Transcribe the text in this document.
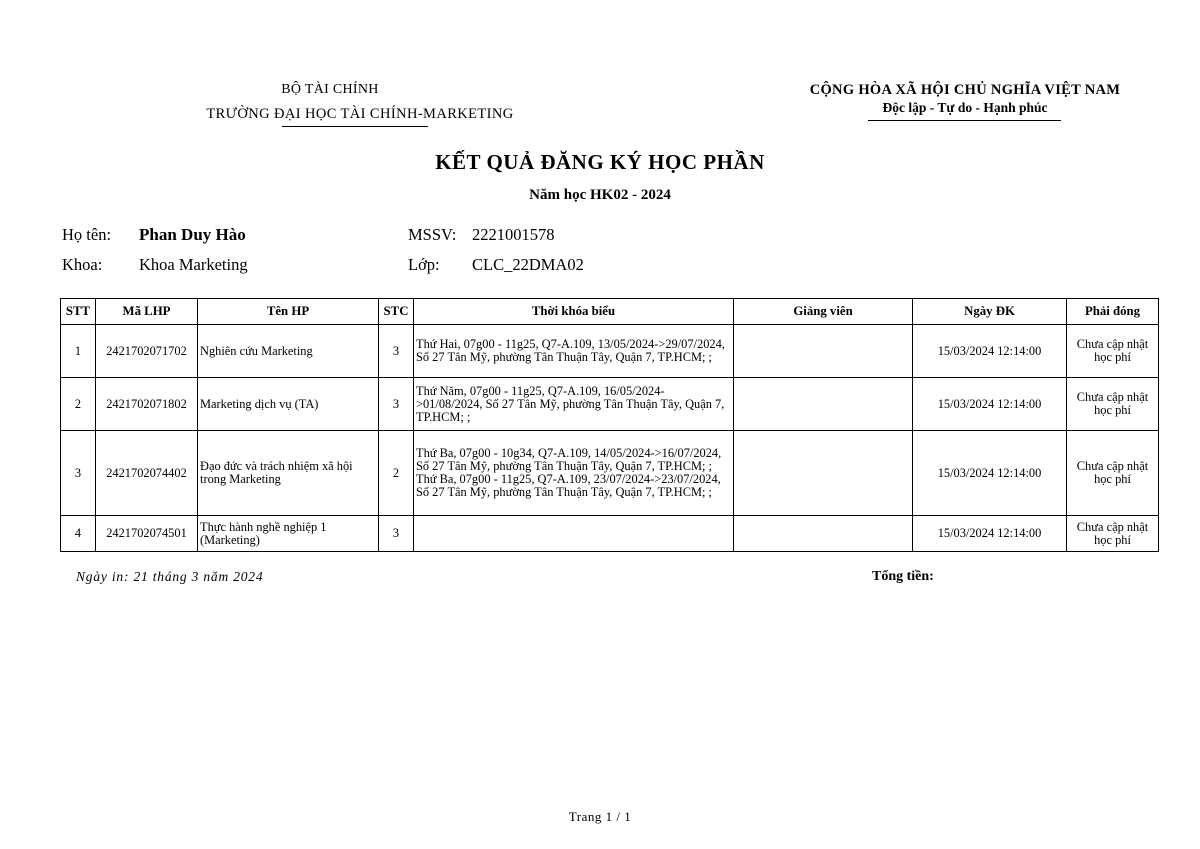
BỘ TÀI CHÍNH
TRƯỜNG ĐẠI HỌC TÀI CHÍNH-MARKETING
CỘNG HÒA XÃ HỘI CHỦ NGHĨA VIỆT NAM
Độc lập - Tự do - Hạnh phúc
KẾT QUẢ ĐĂNG KÝ HỌC PHẦN
Năm học HK02 - 2024
Họ tên: Phan Duy Hào	MSSV: 2221001578
Khoa: Khoa Marketing	Lớp: CLC_22DMA02
STT	Mã LHP	Tên HP	STC	Thời khóa biểu	Giảng viên	Ngày ĐK	Phải đóng
1	2421702071702	Nghiên cứu Marketing	3	Thứ Hai, 07g00 - 11g25, Q7-A.109, 13/05/2024->29/07/2024, Số 27 Tân Mỹ, phường Tân Thuận Tây, Quận 7, TP.HCM; ;		15/03/2024 12:14:00	Chưa cập nhật học phí
2	2421702071802	Marketing dịch vụ (TA)	3	Thứ Năm, 07g00 - 11g25, Q7-A.109, 16/05/2024->01/08/2024, Số 27 Tân Mỹ, phường Tân Thuận Tây, Quận 7, TP.HCM; ;		15/03/2024 12:14:00	Chưa cập nhật học phí
3	2421702074402	Đạo đức và trách nhiệm xã hội trong Marketing	2	Thứ Ba, 07g00 - 10g34, Q7-A.109, 14/05/2024->16/07/2024, Số 27 Tân Mỹ, phường Tân Thuận Tây, Quận 7, TP.HCM; ; Thứ Ba, 07g00 - 11g25, Q7-A.109, 23/07/2024->23/07/2024, Số 27 Tân Mỹ, phường Tân Thuận Tây, Quận 7, TP.HCM; ;		15/03/2024 12:14:00	Chưa cập nhật học phí
4	2421702074501	Thực hành nghề nghiệp 1 (Marketing)	3			15/03/2024 12:14:00	Chưa cập nhật học phí
Ngày in: 21 tháng 3 năm 2024	Tổng tiền:
Trang 1 / 1
